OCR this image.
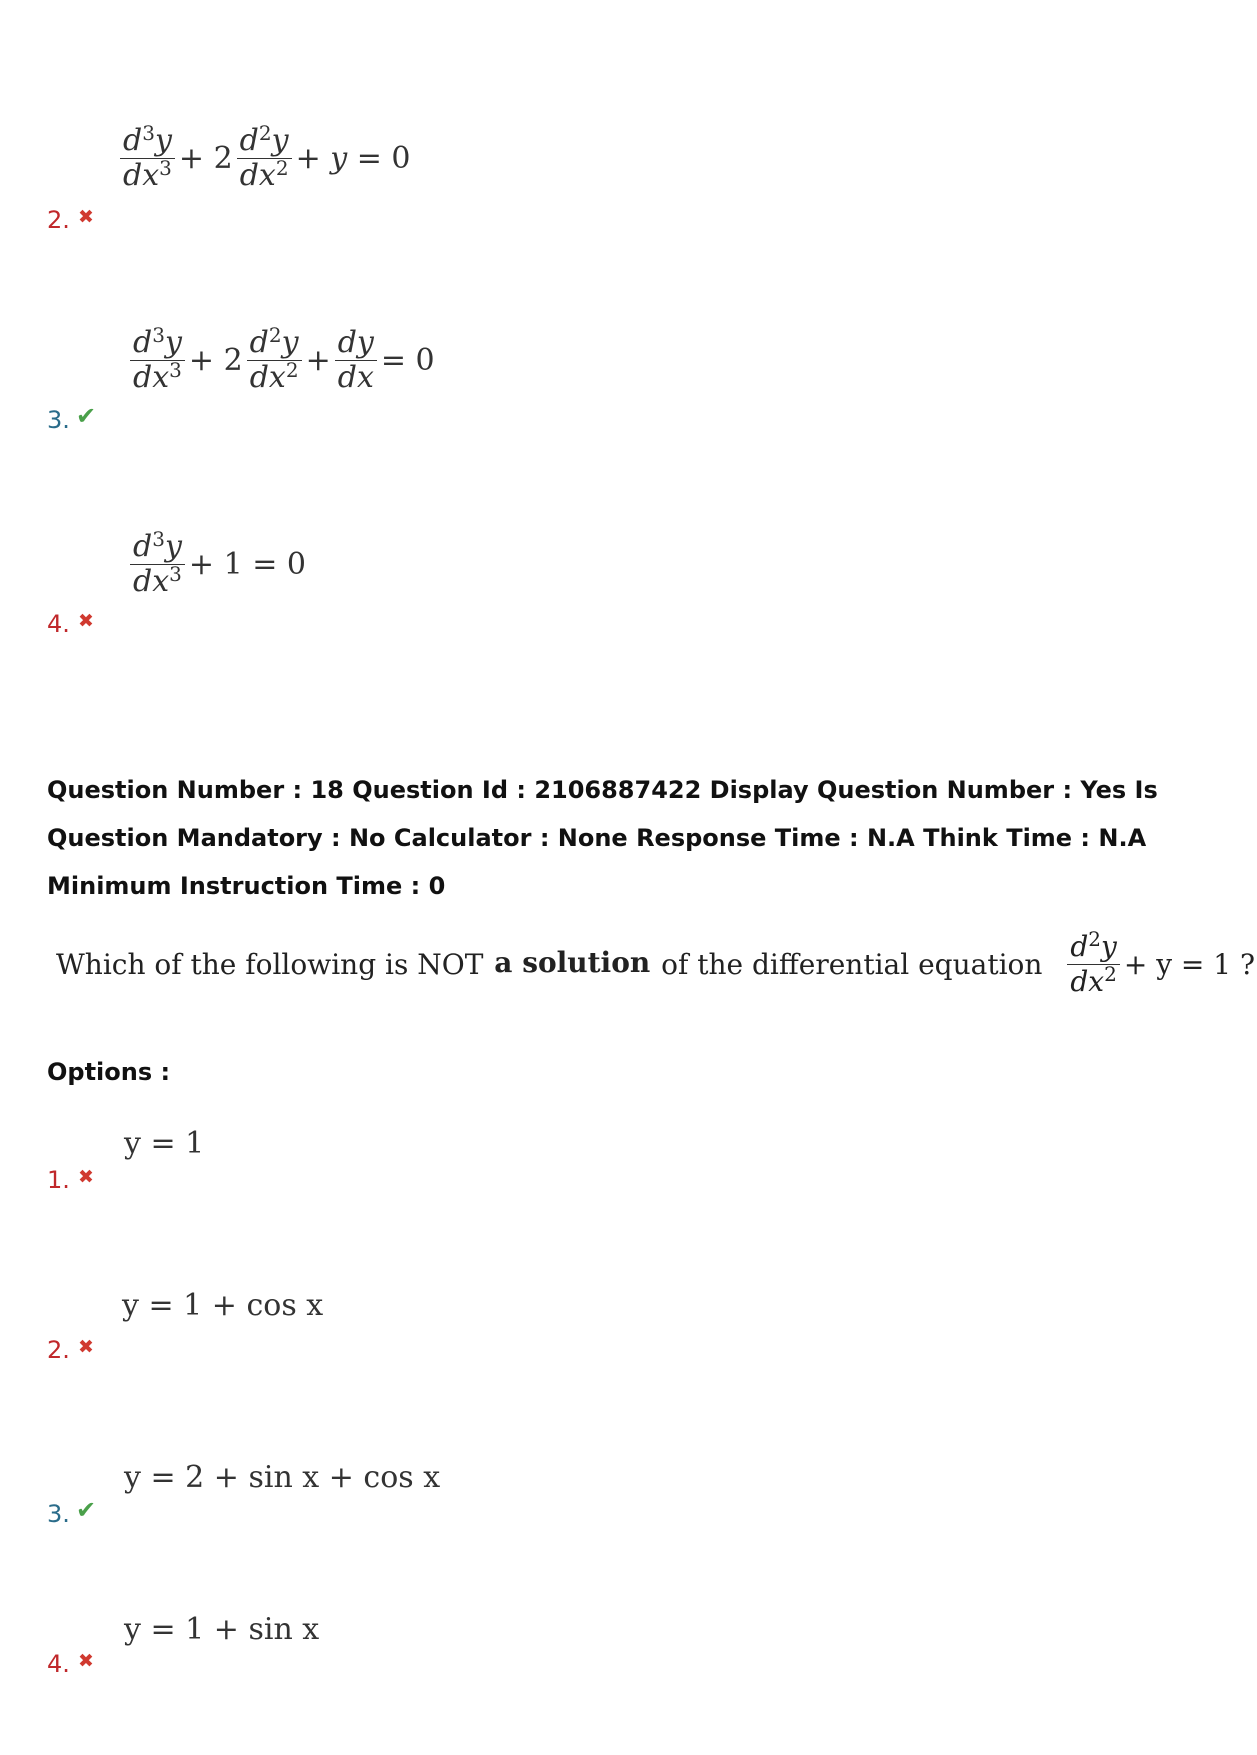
$\frac{d^3y}{dx^3} + 2 \frac{d^2y}{dx^2} + y = 0$
2. ✖
$\frac{d^3y}{dx^3} + 2 \frac{d^2y}{dx^2} + \frac{dy}{dx} = 0$
3. ✔
$\frac{d^3y}{dx^3} + 1 = 0$
4. ✖
Question Number : 18 Question Id : 2106887422 Display Question Number : Yes Is Question Mandatory : No Calculator : None Response Time : N.A Think Time : N.A Minimum Instruction Time : 0
Which of the following is NOT a solution of the differential equation $\frac{d^2y}{dx^2} + y = 1$ ?
Options :
y = 1
1. ✖
y = 1 + cos x
2. ✖
y = 2 + sin x + cos x
3. ✔
y = 1 + sin x
4. ✖
